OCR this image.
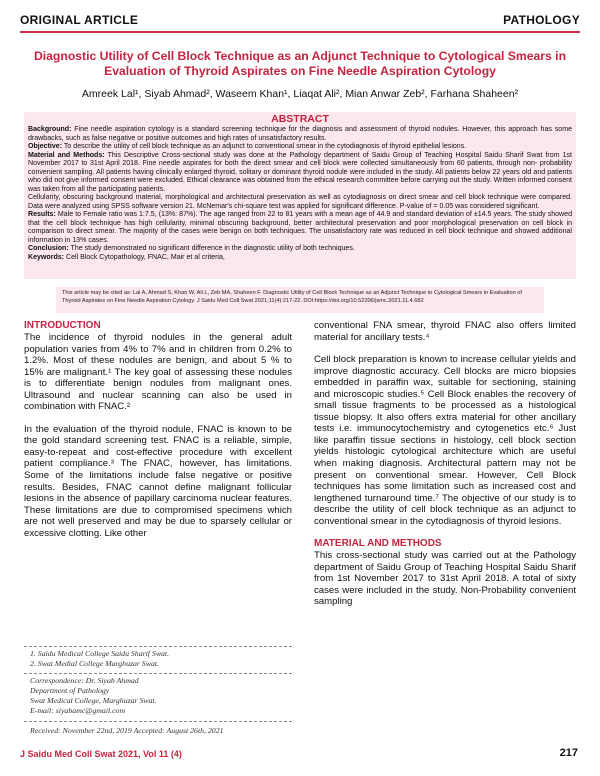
ORIGINAL ARTICLE	PATHOLOGY
Diagnostic Utility of Cell Block Technique as an Adjunct Technique to Cytological Smears in Evaluation of Thyroid Aspirates on Fine Needle Aspiration Cytology
Amreek Lal¹, Siyab Ahmad², Waseem Khan¹, Liaqat Ali², Mian Anwar Zeb², Farhana Shaheen²
ABSTRACT

Background: Fine needle aspiration cytology is a standard screening technique for the diagnosis and assessment of thyroid nodules. However, this approach has some drawbacks, such as false negative or positive outcomes and high rates of unsatisfactory results.

Objective: To describe the utility of cell block technique as an adjunct to conventional smear in the cytodiagnosis of thyroid epithelial lesions.

Material and Methods: This Descriptive Cross-sectional study was done at the Pathology department of Saidu Group of Teaching Hospital Saidu Sharif Swat from 1st November 2017 to 31st April 2018. Fine needle aspirates for both the direct smear and cell block were collected simultaneously from 60 patients, through non- probability convenient sampling. All patients having clinically enlarged thyroid, solitary or dominant thyroid nodule were included in the study. All patients below 22 years old and patients who did not give informed consent were excluded. Ethical clearance was obtained from the ethical research committee before carrying out the study. Written informed consent was taken from all the participating patients.

Cellularity, obscuring background material, morphological and architectural preservation as well as cytodiagnosis on direct smear and cell block technique were compared. Data were analyzed using SPSS software version 21. McNemar's chi-square test was applied for significant difference. P-value of = 0.05 was considered significant.

Results: Male to Female ratio was 1:7.5, (13%: 87%). The age ranged from 22 to 81 years with a mean age of 44.9 and standard deviation of ±14.5 years. The study showed that the cell block technique has high cellularity, minimal obscuring background, better architectural preservation and poor morphological preservation on cell block in comparison to direct smear. The majority of the cases were benign on both techniques. The unsatisfactory rate was reduced in cell block technique and showed additional information in 13% cases.

Conclusion: The study demonstrated no significant difference in the diagnostic utility of both techniques.

Keywords: Cell Block Cytopathology, FNAC, Mair et al criteria,

This article may be cited as: Lal A, Ahmad S, Khan W, Ali L, Zeb MA, Shaheen F. Diagnostic Utility of Cell Block Technique as an Adjunct Technique to Cytological Smears in Evaluation of Thyroid Aspirates on Fine Needle Aspiration Cytology. J Saidu Med Coll Swat 2021;11(4):217-22. DOI:https://doi.org/10.52206/jsmc.2021.11.4.682
INTRODUCTION
The incidence of thyroid nodules in the general adult population varies from 4% to 7% and in children from 0.2% to 1.2%. Most of these nodules are benign, and about 5 % to 15% are malignant.¹ The key goal of assessing these nodules is to differentiate benign nodules from malignant ones. Ultrasound and nuclear scanning can also be used in combination with FNAC.²
In the evaluation of the thyroid nodule, FNAC is known to be the gold standard screening test. FNAC is a reliable, simple, easy-to-repeat and cost-effective procedure with excellent patient compliance.³ The FNAC, however, has limitations. Some of the limitations include false negative or positive results. Besides, FNAC cannot define malignant follicular lesions in the absence of papillary carcinoma nuclear features. These limitations are due to compromised specimens which are not well preserved and may be due to sparsely cellular or excessive clotting. Like other
conventional FNA smear, thyroid FNAC also offers limited material for ancillary tests.⁴
Cell block preparation is known to increase cellular yields and improve diagnostic accuracy. Cell blocks are micro biopsies embedded in paraffin wax, suitable for sectioning, staining and microscopic studies.⁵ Cell Block enables the recovery of small tissue fragments to be processed as a histological tissue biopsy. It also offers extra material for other ancillary tests i.e. immunocytochemistry and cytogenetics etc.⁶ Just like paraffin tissue sections in histology, cell block section yields histologic cytological architecture which are useful when making diagnosis. Architectural pattern may not be present on conventional smear. However, Cell Block techniques has some limitation such as increased cost and lengthened turnaround time.⁷ The objective of our study is to describe the utility of cell block technique as an adjunct to conventional smear in the cytodiagnosis of thyroid lesions.
MATERIAL AND METHODS
This cross-sectional study was carried out at the Pathology department of Saidu Group of Teaching Hospital Saidu Sharif from 1st November 2017 to 31st April 2018. A total of sixty cases were included in the study. Non-Probability convenient sampling
1. Saidu Medical College Saidu Sharif Swat.
2. Swat Medial College Marghuzar Swat.
Correspondence: Dr. Siyab Ahmad
Department of Pathology
Swat Medical College, Marghuzar Swat.
E-mail: siyabamc@gmail.com
Received: November 22nd, 2019 Accepted: August 26th, 2021
J Saidu Med Coll Swat 2021, Vol 11 (4)	217
